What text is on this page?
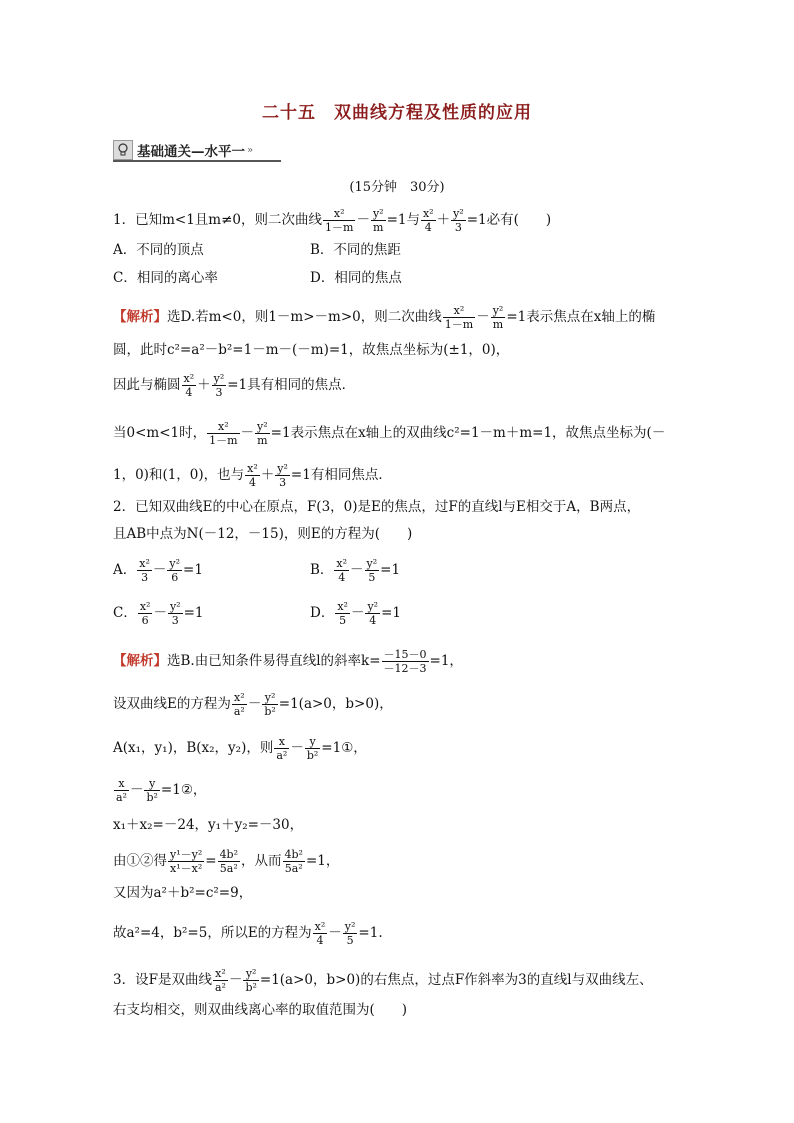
二十五 双曲线方程及性质的应用
基础通关—水平一 »
(15分钟　30分)
1．已知m<1且m≠0，则二次曲线 $\frac{\text{x²}}{1-m} - \frac{\text{y²}}{m} =1$与 $\frac{\text{x²}}{4} + \frac{\text{y²}}{3} =1$必有(　　)
A．不同的顶点	B．不同的焦距
C．相同的离心率	D．相同的焦点
【解析】选D.若m<0，则1－m>－m>0，则二次曲线 $\frac{\text{x²}}{1-m} - \frac{\text{y²}}{m} =1$表示焦点在x轴上的椭
圆，此时c²=a²－b²=1－m－(－m)=1，故焦点坐标为(±1，0)，
因此与椭圆 $\frac{\text{x²}}{4} + \frac{\text{y²}}{3} =1$具有相同的焦点．
当0<m<1时， $\frac{\text{x²}}{1-m} - \frac{\text{y²}}{m} =1$表示焦点在x轴上的双曲线c²=1－m＋m=1，故焦点坐标为(－
1，0)和(1，0)，也与 $\frac{\text{x²}}{4} + \frac{\text{y²}}{3} =1$有相同焦点．
2．已知双曲线E的中心在原点，F(3，0)是E的焦点，过F的直线l与E相交于A，B两点，
且AB中点为N(－12，－15)，则E的方程为(　　)
A． $\frac{\text{x²}}{3} - \frac{\text{y²}}{6} =1$	B． $\frac{\text{x²}}{4} - \frac{\text{y²}}{5} =1$
C． $\frac{\text{x²}}{6} - \frac{\text{y²}}{3} =1$	D． $\frac{\text{x²}}{5} - \frac{\text{y²}}{4} =1$
【解析】选B.由已知条件易得直线l的斜率$k= \frac{-15-0}{-12-3} =1$，
设双曲线E的方程为 $\frac{\text{x²}}{\text{a²}} - \frac{\text{y²}}{\text{b²}} =1(a>0$，b>0)，
A(x₁，y₁)，B(x₂，y₂)，则 $\frac{x}{\text{a²}} - \frac{y}{\text{b²}}$ =1①，
$\frac{x}{\text{a²}} - \frac{y}{\text{b²}}$ =1②，
x₁＋x₂=－24，y₁＋y₂=－30，
由①②得 $\frac{\text{y¹－y²}}{\text{x¹－x²}} = \frac{\text{4b²}}{\text{5a²}}$ ，从而 $\frac{\text{4b²}}{\text{5a²}} =1$，
又因为a²＋b²=c²=9，
故a²=4，b²=5，所以E的方程为 $\frac{\text{x²}}{4} - \frac{\text{y²}}{5} =1$.
3．设F是双曲线 $\frac{\text{x²}}{\text{a²}} - \frac{\text{y²}}{\text{b²}} =1(a>0$，b>0)的右焦点，过点F作斜率为3的直线l与双曲线左、
右支均相交，则双曲线离心率的取值范围为(　　)
